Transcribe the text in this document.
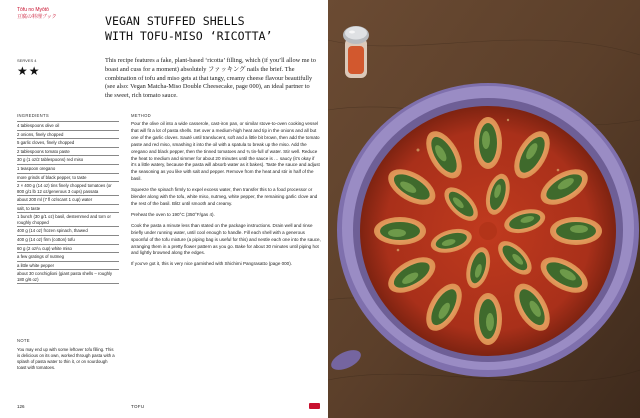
Tōfu no Myōtō
豆腐の料理ブック
SERVES 4
★★
VEGAN STUFFED SHELLS
WITH TOFU-MISO ‘RICOTTA’

This recipe features a fake, plant-based ‘ricotta’ filling, which (if you’ll allow me to boast and cuss for a moment) absolutely ファッキング nails the brief. The combination of tofu and miso gets at that tangy, creamy cheese flavour beautifully (see also: Vegan Matcha-Miso Double Cheesecake, page 000), an ideal partner to the sweet, rich tomato sauce.

INGREDIENTS
4 tablespoons olive oil
2 onions, finely chopped
5 garlic cloves, finely chopped
2 tablespoons tomato paste
30 g (1 oz/2 tablespoons) red miso
1 teaspoon oregano
more grinds of black pepper, to taste
2 × 400 g (14 oz) tins finely chopped tomatoes (or 800 g/1 lb 12 oz/generous 3 cups) passata
about 200 ml (7 fl oz/scant 1 cup) water
salt, to taste
1 bunch (30 g/1 oz) basil, destemmed and torn or roughly chopped
400 g (14 oz) frozen spinach, thawed
400 g (14 oz) firm (cotton) tofu
60 g (2 oz/¼ cup) white miso
a few gratings of nutmeg
a little white pepper
about 30 conchiglioni (giant pasta shells – roughly 180 g/6 oz)
METHOD

Pour the olive oil into a wide casserole, cast-iron pan, or similar stove-to-oven cooking vessel that will fit a lot of pasta shells. Set over a medium-high heat and tip in the onions and all but one of the garlic cloves. Sauté until translucent, soft and a little bit brown, then add the tomato paste and red miso, smashing it into the oil with a spatula to break up the miso. Add the oregano and black pepper, then the tinned tomatoes and ¾ tin-full of water. Stir well. Reduce the heat to medium and simmer for about 20 minutes until the sauce is … saucy (it’s okay if it’s a little watery, because the pasta will absorb water as it bakes). Taste the sauce and adjust the seasoning as you like with salt and pepper. Remove from the heat and stir in half of the basil.

Squeeze the spinach firmly to expel excess water, then transfer this to a food processor or blender along with the tofu, white miso, nutmeg, white pepper, the remaining garlic clove and the rest of the basil. Blitz until smooth and creamy.

Preheat the oven to 190°C (350°F/gas 4).

Cook the pasta a minute less than stated on the package instructions. Drain well and rinse briefly under running water, until cool enough to handle. Fill each shell with a generous spoonful of the tofu mixture (a piping bag is useful for this) and nestle each one into the sauce, arranging them in a pretty flower pattern as you go. Bake for about 30 minutes until piping hot and lightly browned along the edges.

If you’ve got it, this is very nice garnished with Shichimi Pangrasatto (page 000).

NOTE

You may end up with some leftover tofu filling. This is delicious on its own, worked through pasta with a splash of pasta water to thin it, or on sourdough toast with tomatoes.

126	TOFU
